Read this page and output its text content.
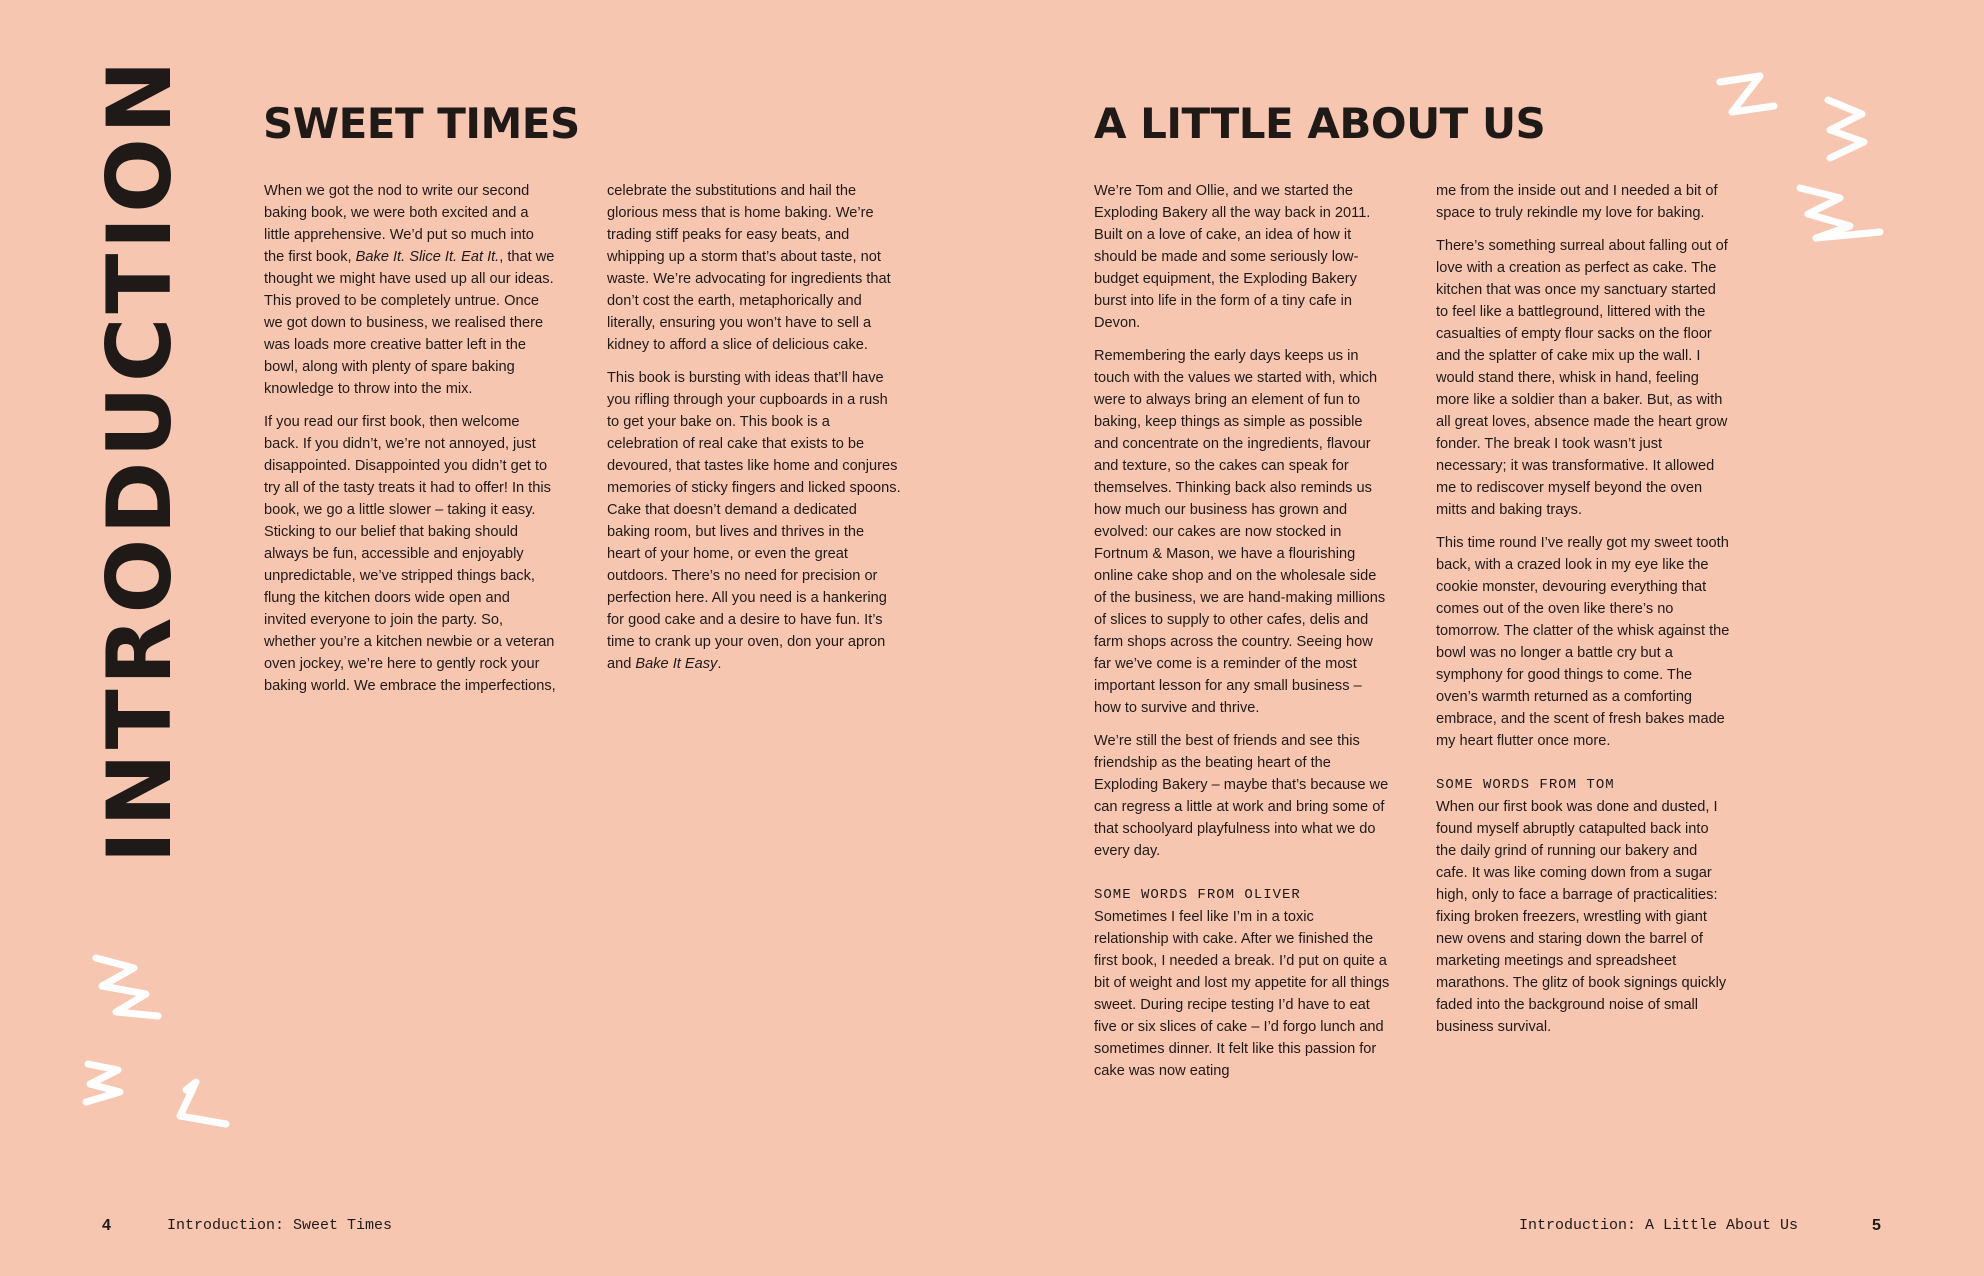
INTRODUCTION SWEET TIMES

When we got the nod to write our second baking book, we were both excited and a little apprehensive. We’d put so much into the first book, Bake It. Slice It. Eat It., that we thought we might have used up all our ideas. This proved to be completely untrue. Once we got down to business, we realised there was loads more creative batter left in the bowl, along with plenty of spare baking knowledge to throw into the mix.

If you read our first book, then welcome back. If you didn’t, we’re not annoyed, just disappointed. Disappointed you didn’t get to try all of the tasty treats it had to offer! In this book, we go a little slower – taking it easy. Sticking to our belief that baking should always be fun, accessible and enjoyably unpredictable, we’ve stripped things back, flung the kitchen doors wide open and invited everyone to join the party. So, whether you’re a kitchen newbie or a veteran oven jockey, we’re here to gently rock your baking world. We embrace the imperfections,

celebrate the substitutions and hail the glorious mess that is home baking. We’re trading stiff peaks for easy beats, and whipping up a storm that’s about taste, not waste. We’re advocating for ingredients that don’t cost the earth, metaphorically and literally, ensuring you won’t have to sell a kidney to afford a slice of delicious cake.

This book is bursting with ideas that’ll have you rifling through your cupboards in a rush to get your bake on. This book is a celebration of real cake that exists to be devoured, that tastes like home and conjures memories of sticky fingers and licked spoons. Cake that doesn’t demand a dedicated baking room, but lives and thrives in the heart of your home, or even the great outdoors. There’s no need for precision or perfection here. All you need is a hankering for good cake and a desire to have fun. It’s time to crank up your oven, don your apron and Bake It Easy.

A LITTLE ABOUT US

We’re Tom and Ollie, and we started the Exploding Bakery all the way back in 2011. Built on a love of cake, an idea of how it should be made and some seriously low-budget equipment, the Exploding Bakery burst into life in the form of a tiny cafe in Devon.

Remembering the early days keeps us in touch with the values we started with, which were to always bring an element of fun to baking, keep things as simple as possible and concentrate on the ingredients, flavour and texture, so the cakes can speak for themselves. Thinking back also reminds us how much our business has grown and evolved: our cakes are now stocked in Fortnum & Mason, we have a flourishing online cake shop and on the wholesale side of the business, we are hand-making millions of slices to supply to other cafes, delis and farm shops across the country. Seeing how far we’ve come is a reminder of the most important lesson for any small business – how to survive and thrive.

We’re still the best of friends and see this friendship as the beating heart of the Exploding Bakery – maybe that’s because we can regress a little at work and bring some of that schoolyard playfulness into what we do every day.

SOME WORDS FROM OLIVER

Sometimes I feel like I’m in a toxic relationship with cake. After we finished the first book, I needed a break. I’d put on quite a bit of weight and lost my appetite for all things sweet. During recipe testing I’d have to eat five or six slices of cake – I’d forgo lunch and sometimes dinner. It felt like this passion for cake was now eating

me from the inside out and I needed a bit of space to truly rekindle my love for baking.

There’s something surreal about falling out of love with a creation as perfect as cake. The kitchen that was once my sanctuary started to feel like a battleground, littered with the casualties of empty flour sacks on the floor and the splatter of cake mix up the wall. I would stand there, whisk in hand, feeling more like a soldier than a baker. But, as with all great loves, absence made the heart grow fonder. The break I took wasn’t just necessary; it was transformative. It allowed me to rediscover myself beyond the oven mitts and baking trays.

This time round I’ve really got my sweet tooth back, with a crazed look in my eye like the cookie monster, devouring everything that comes out of the oven like there’s no tomorrow. The clatter of the whisk against the bowl was no longer a battle cry but a symphony for good things to come. The oven’s warmth returned as a comforting embrace, and the scent of fresh bakes made my heart flutter once more.

SOME WORDS FROM TOM

When our first book was done and dusted, I found myself abruptly catapulted back into the daily grind of running our bakery and cafe. It was like coming down from a sugar high, only to face a barrage of practicalities: fixing broken freezers, wrestling with giant new ovens and staring down the barrel of marketing meetings and spreadsheet marathons. The glitz of book signings quickly faded into the background noise of small business survival.

4	Introduction: Sweet Times	Introduction: A Little About Us	5
